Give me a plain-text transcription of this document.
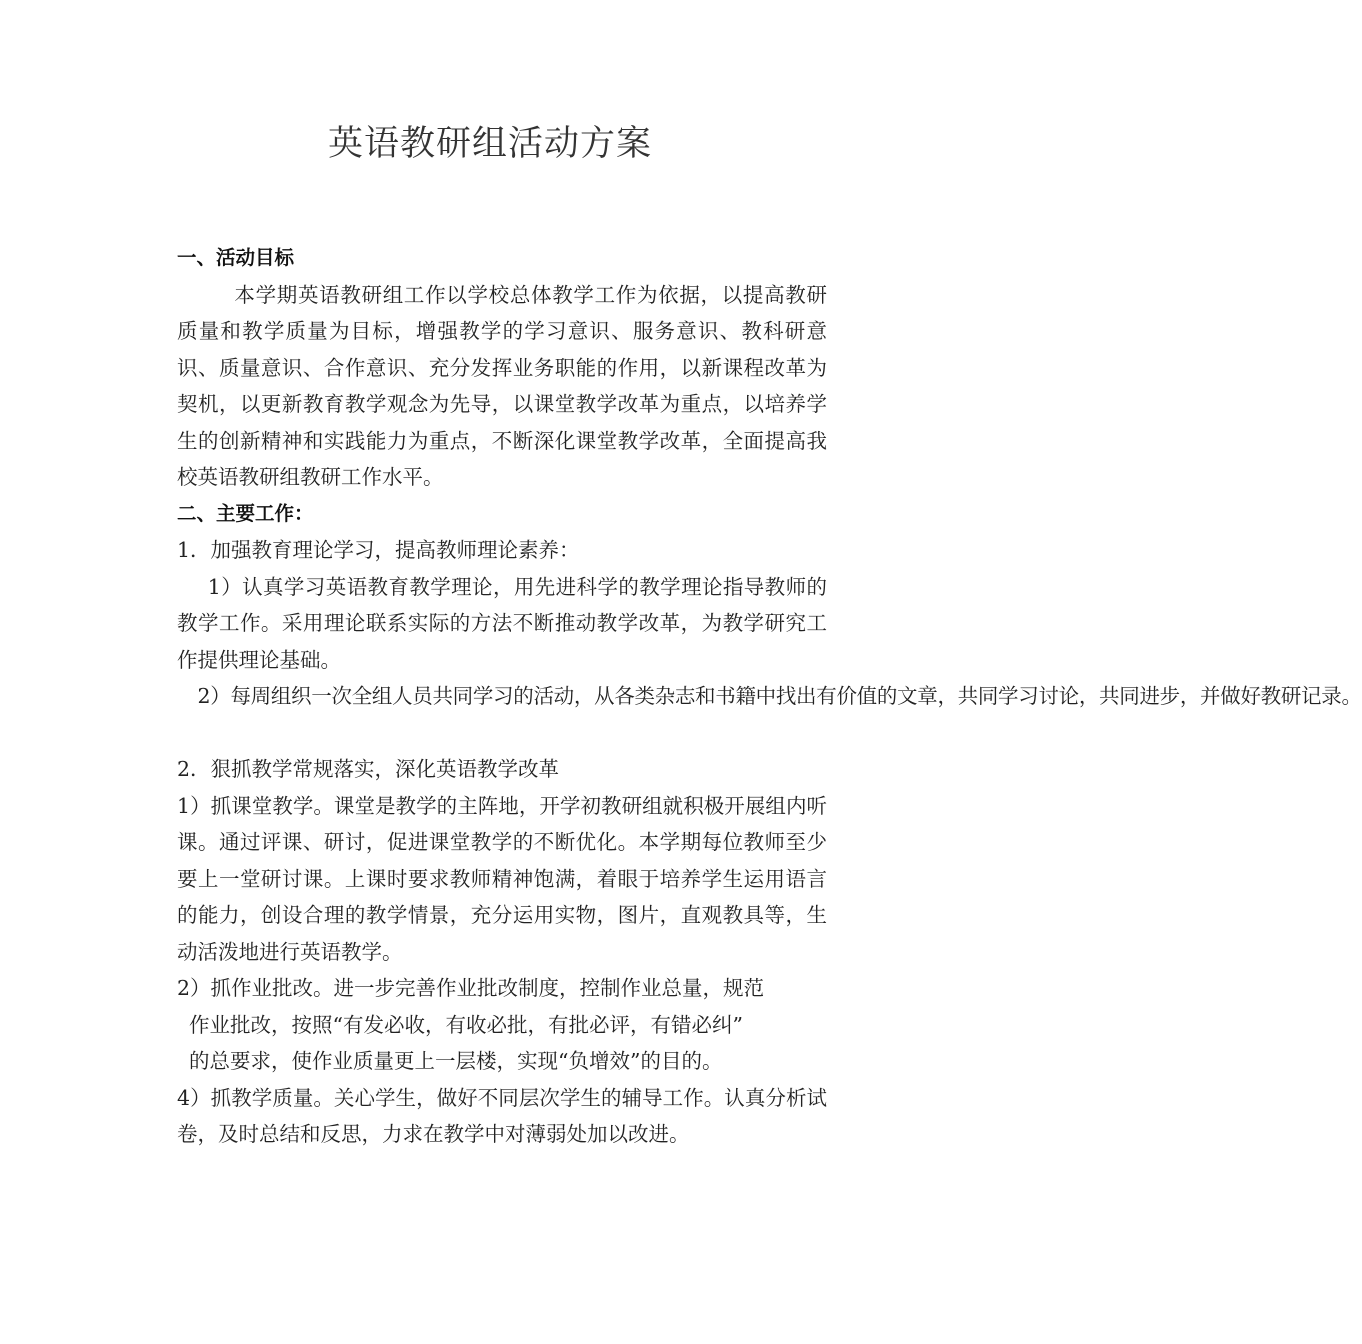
英语教研组活动方案

一、活动目标

本学期英语教研组工作以学校总体教学工作为依据，以提高教研质量和教学质量为目标，增强教学的学习意识、服务意识、教科研意识、质量意识、合作意识、充分发挥业务职能的作用，以新课程改革为契机，以更新教育教学观念为先导，以课堂教学改革为重点，以培养学生的创新精神和实践能力为重点，不断深化课堂教学改革，全面提高我校英语教研组教研工作水平。

二、主要工作：

1．加强教育理论学习，提高教师理论素养：

1）认真学习英语教育教学理论，用先进科学的教学理论指导教师的教学工作。采用理论联系实际的方法不断推动教学改革，为教学研究工作提供理论基础。

2）每周组织一次全组人员共同学习的活动，从各类杂志和书籍中找出有价值的文章，共同学习讨论，共同进步，并做好教研记录。

2．狠抓教学常规落实，深化英语教学改革

1）抓课堂教学。课堂是教学的主阵地，开学初教研组就积极开展组内听课。通过评课、研讨，促进课堂教学的不断优化。本学期每位教师至少要上一堂研讨课。上课时要求教师精神饱满，着眼于培养学生运用语言的能力，创设合理的教学情景，充分运用实物，图片，直观教具等，生动活泼地进行英语教学。

2）抓作业批改。进一步完善作业批改制度，控制作业总量，规范

作业批改，按照“有发必收，有收必批，有批必评，有错必纠”

的总要求，使作业质量更上一层楼，实现“负增效”的目的。

4）抓教学质量。关心学生，做好不同层次学生的辅导工作。认真分析试卷，及时总结和反思，力求在教学中对薄弱处加以改进。
